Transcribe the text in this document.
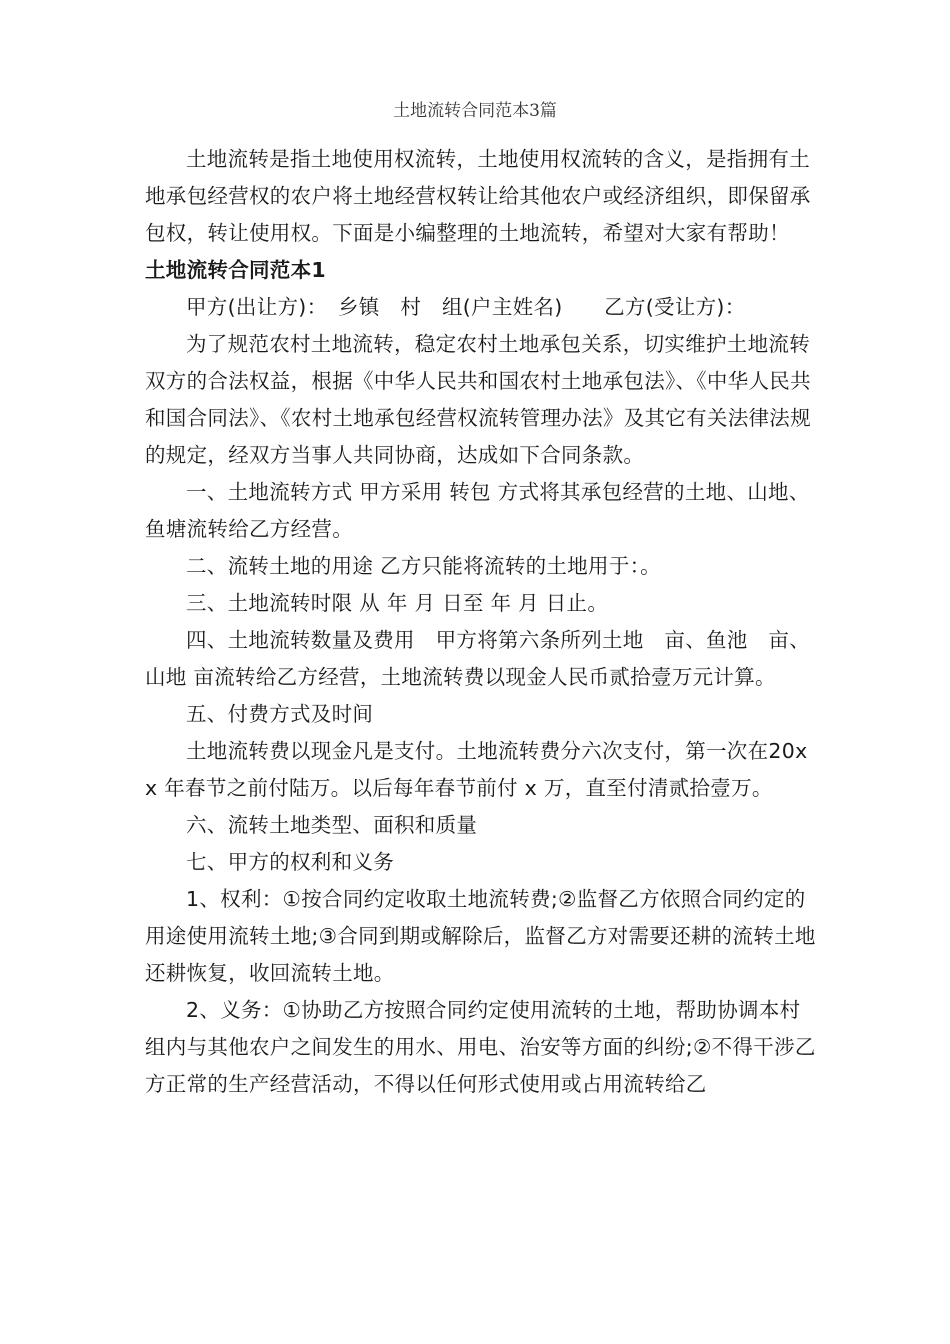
土地流转合同范本3篇

土地流转是指土地使用权流转，土地使用权流转的含义，是指拥有土地承包经营权的农户将土地经营权转让给其他农户或经济组织，即保留承包权，转让使用权。下面是小编整理的土地流转，希望对大家有帮助！

土地流转合同范本1

甲方(出让方)：　乡镇　村　组(户主姓名)　　乙方(受让方)：

为了规范农村土地流转，稳定农村土地承包关系，切实维护土地流转双方的合法权益，根据《中华人民共和国农村土地承包法》、《中华人民共和国合同法》、《农村土地承包经营权流转管理办法》及其它有关法律法规的规定，经双方当事人共同协商，达成如下合同条款。

一、土地流转方式 甲方采用 转包 方式将其承包经营的土地、山地、鱼塘流转给乙方经营。

二、流转土地的用途 乙方只能将流转的土地用于：。

三、土地流转时限 从 年 月 日至 年 月 日止。

四、土地流转数量及费用　甲方将第六条所列土地　亩、鱼池　亩、山地 亩流转给乙方经营，土地流转费以现金人民币贰拾壹万元计算。

五、付费方式及时间

土地流转费以现金凡是支付。土地流转费分六次支付，第一次在20xx 年春节之前付陆万。以后每年春节前付 x 万，直至付清贰拾壹万。

六、流转土地类型、面积和质量

七、甲方的权利和义务

1、权利：①按合同约定收取土地流转费;②监督乙方依照合同约定的用途使用流转土地;③合同到期或解除后，监督乙方对需要还耕的流转土地还耕恢复，收回流转土地。

2、义务：①协助乙方按照合同约定使用流转的土地，帮助协调本村组内与其他农户之间发生的用水、用电、治安等方面的纠纷;②不得干涉乙方正常的生产经营活动，不得以任何形式使用或占用流转给乙
